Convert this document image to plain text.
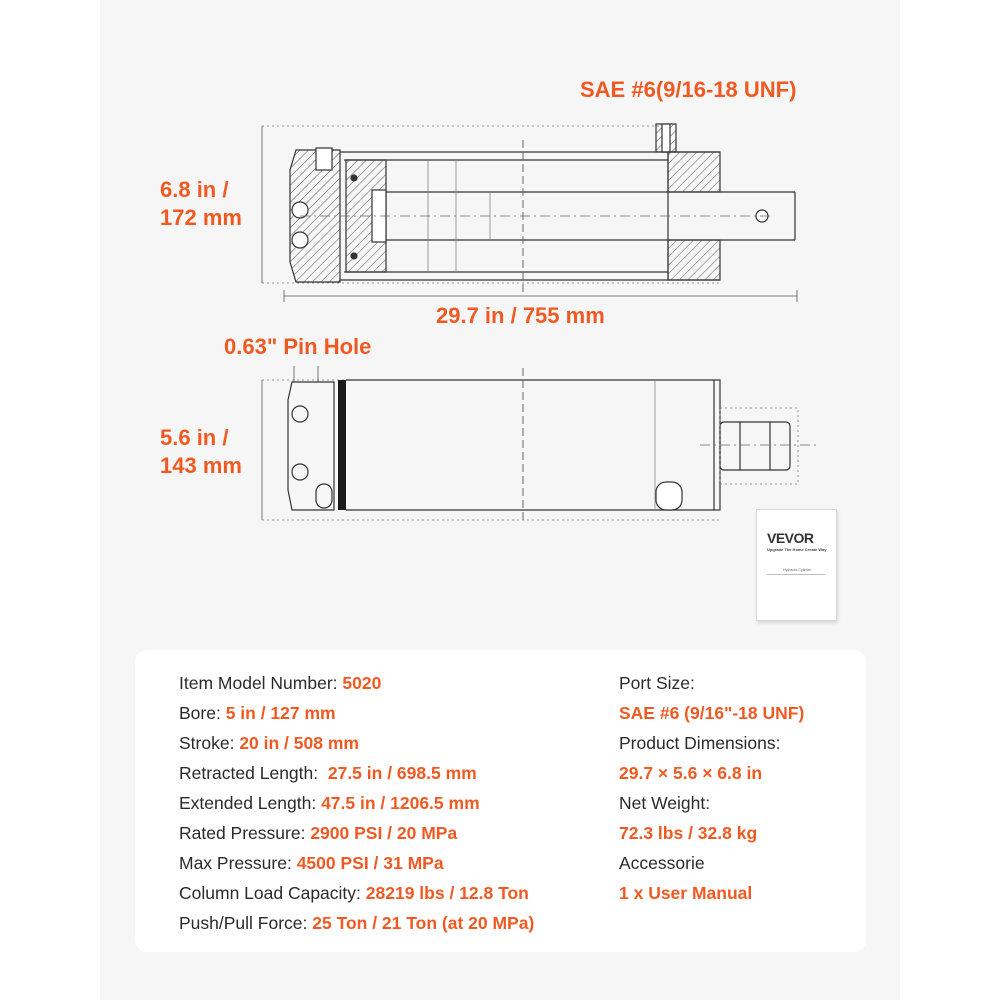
SAE #6(9/16-18 UNF)
6.8 in /
172 mm
29.7 in / 755 mm
0.63" Pin Hole
5.6 in /
143 mm
VEVOR
Upgrade The Home Create Way
Hydraulic Cylinder
Item Model Number: 5020
Bore: 5 in / 127 mm
Stroke: 20 in / 508 mm
Retracted Length:  27.5 in / 698.5 mm
Extended Length: 47.5 in / 1206.5 mm
Rated Pressure: 2900 PSI / 20 MPa
Max Pressure: 4500 PSI / 31 MPa
Column Load Capacity: 28219 lbs / 12.8 Ton
Push/Pull Force: 25 Ton / 21 Ton (at 20 MPa)
Port Size:
SAE #6 (9/16"-18 UNF)
Product Dimensions:
29.7 × 5.6 × 6.8 in
Net Weight:
72.3 lbs / 32.8 kg
Accessorie
1 x User Manual
